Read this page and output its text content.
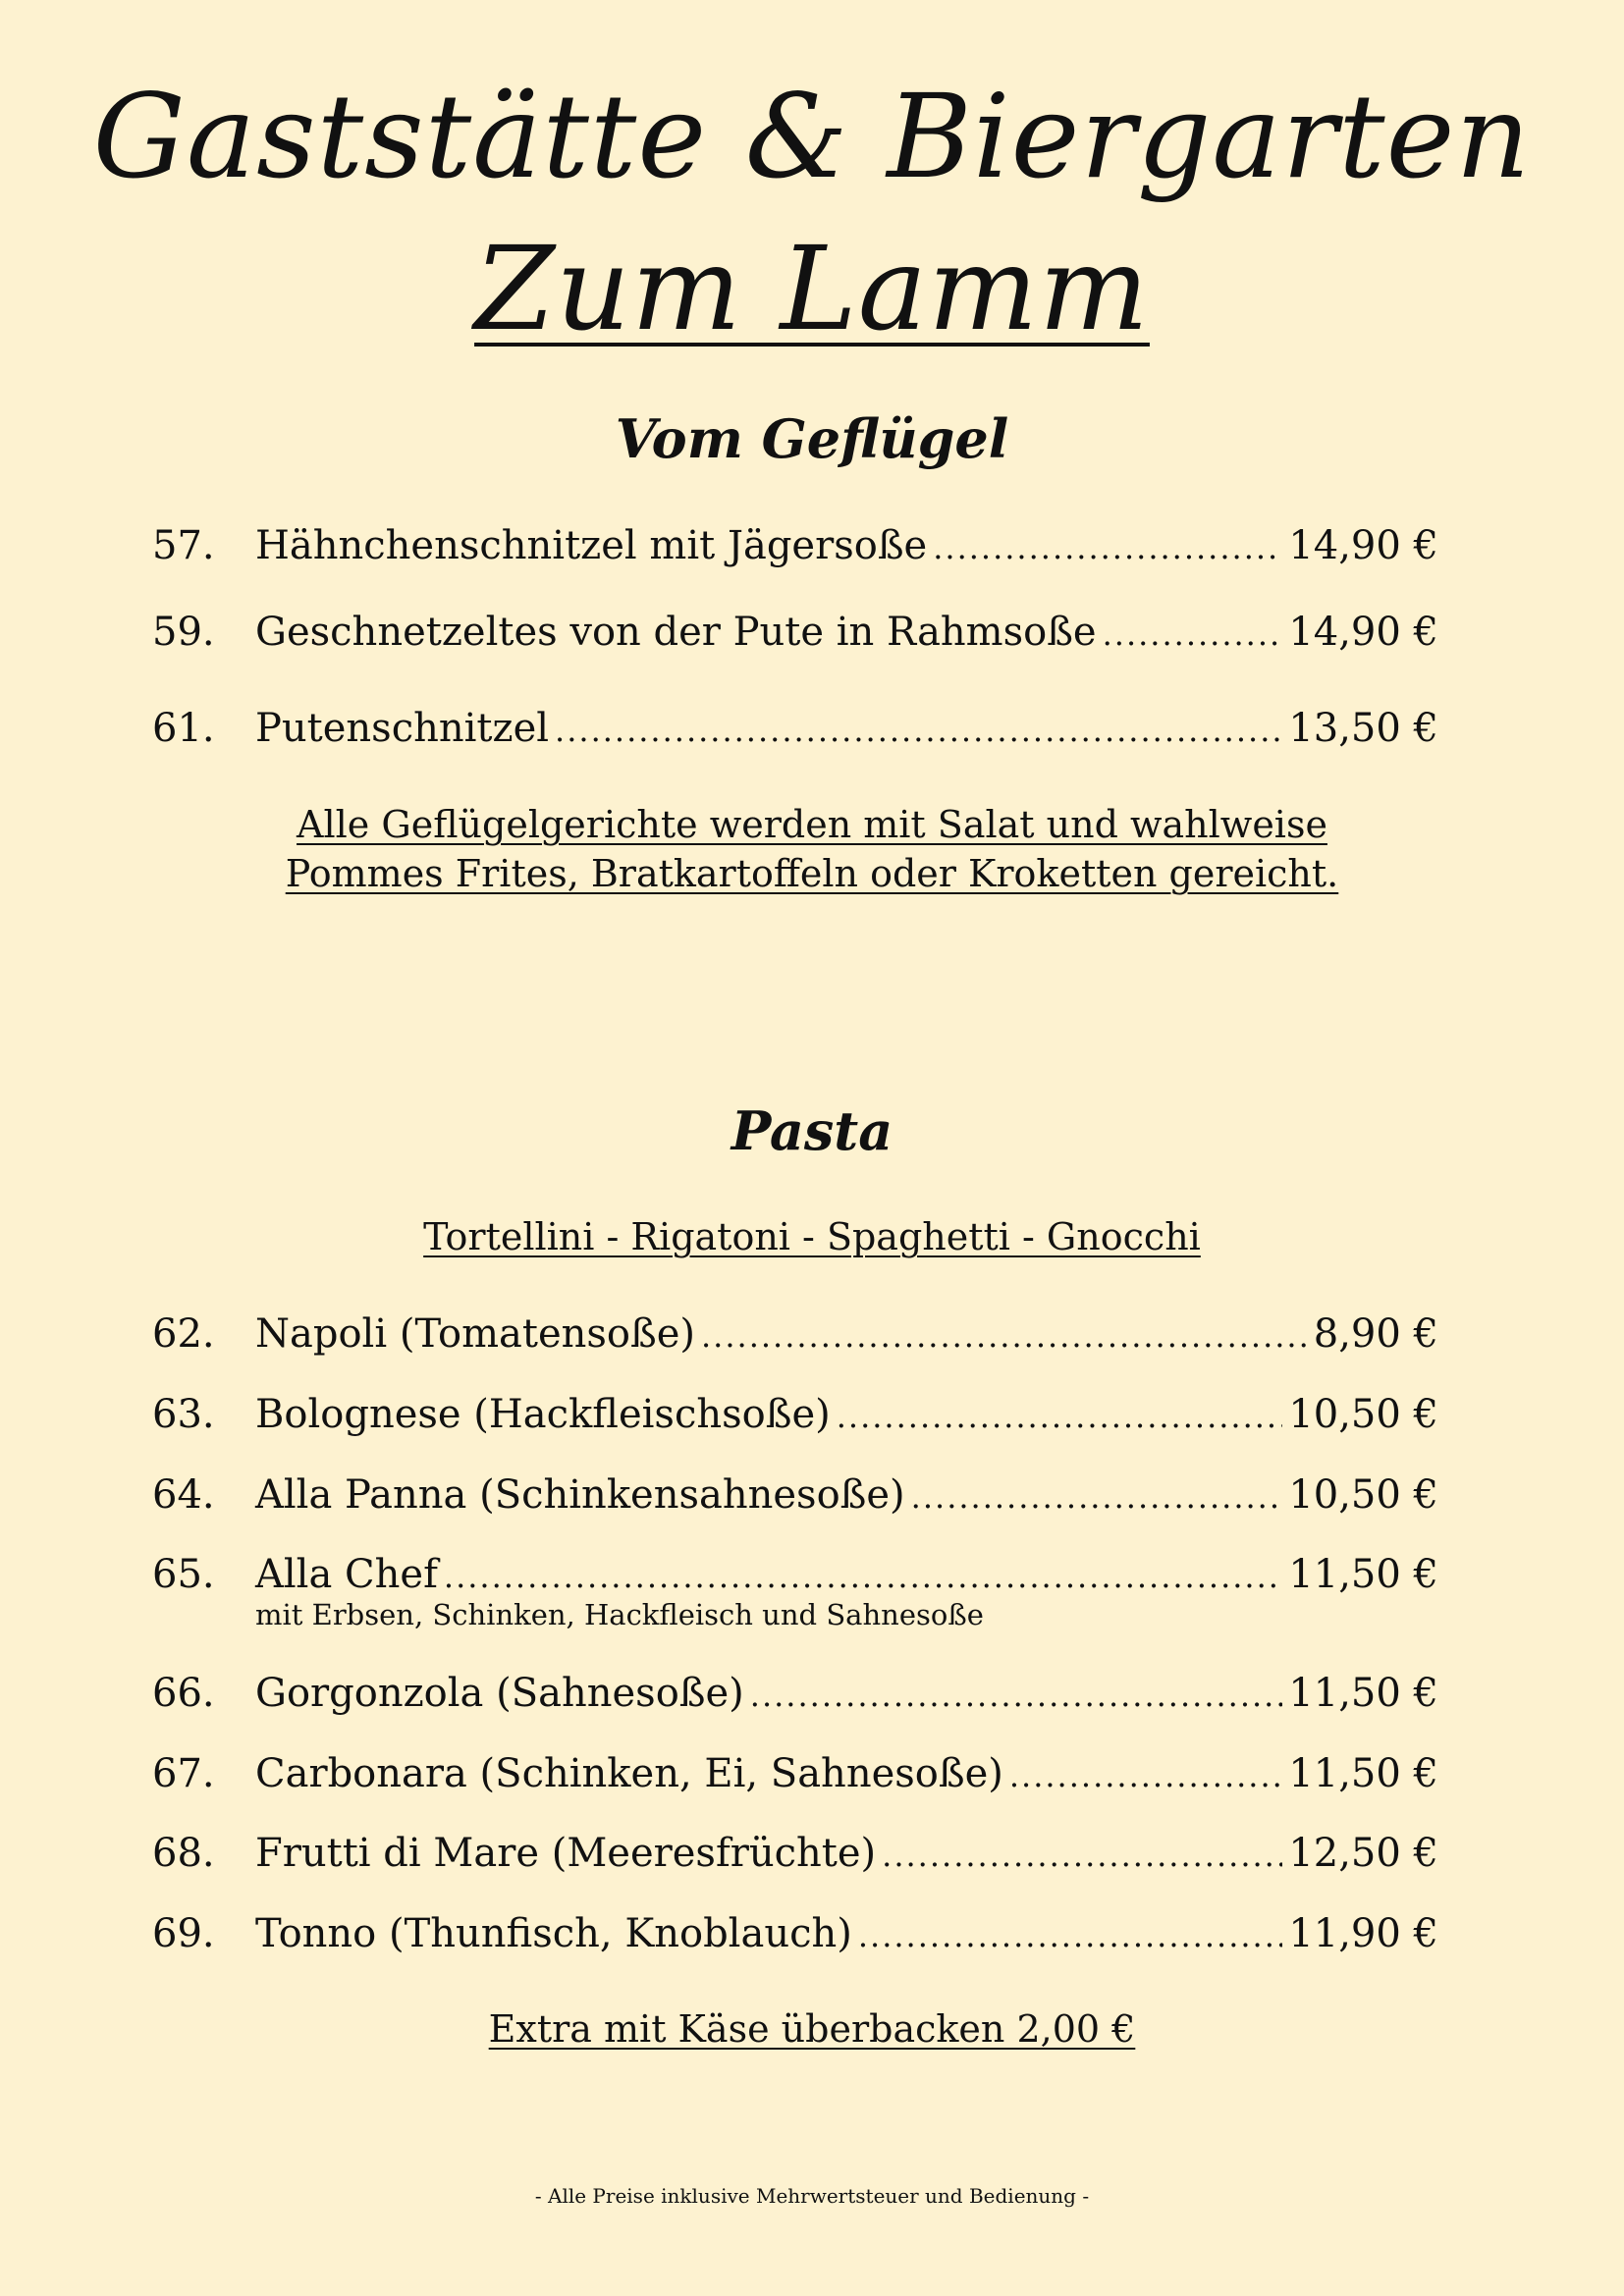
Gaststätte & Biergarten
Zum Lamm
Vom Geflügel
57.	Hähnchenschnitzel mit Jägersoße .....	14,90 €
59.	Geschnetzeltes von der Pute in Rahmsoße .....	14,90 €
61.	Putenschnitzel .....	13,50 €
Alle Geflügelgerichte werden mit Salat und wahlweise
Pommes Frites, Bratkartoffeln oder Kroketten gereicht.
Pasta
Tortellini - Rigatoni - Spaghetti - Gnocchi
62.	Napoli (Tomatensoße) .....	8,90 €
63.	Bolognese (Hackfleischsoße) .....	10,50 €
64.	Alla Panna (Schinkensahnesoße) .....	10,50 €
65.	Alla Chef .....	11,50 €
mit Erbsen, Schinken, Hackfleisch und Sahnesoße
66.	Gorgonzola (Sahnesoße) .....	11,50 €
67.	Carbonara (Schinken, Ei, Sahnesoße) .....	11,50 €
68.	Frutti di Mare (Meeresfrüchte) .....	12,50 €
69.	Tonno (Thunfisch, Knoblauch) .....	11,90 €
Extra mit Käse überbacken 2,00 €
- Alle Preise inklusive Mehrwertsteuer und Bedienung -
